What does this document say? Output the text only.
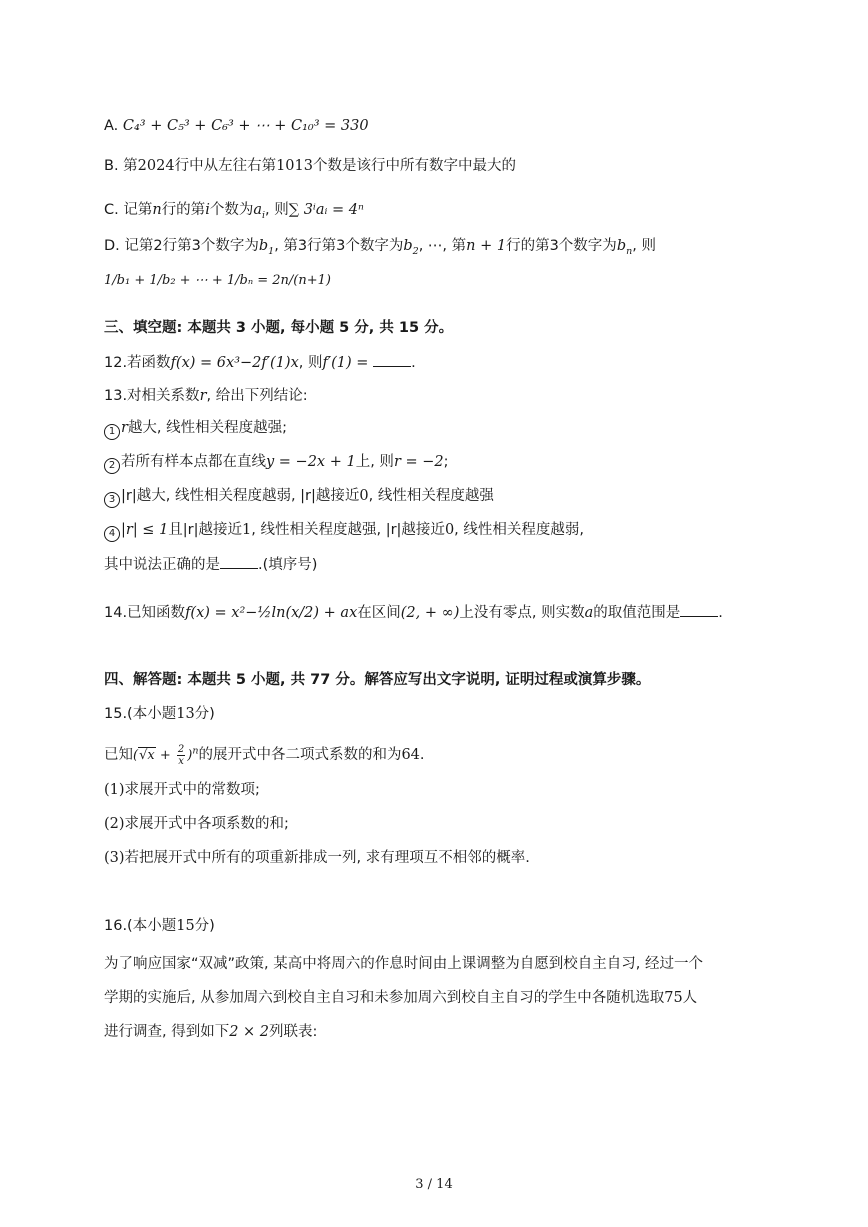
A. C₄³ + C₅³ + C₆³ + ⋯ + C₁₀³ = 330
B. 第2024行中从左往右第1013个数是该行中所有数字中最大的
C. 记第n行的第i个数为$a_i$, 则∑ 3ⁱaᵢ = 4ⁿ
D. 记第2行第3个数字为$b_1$, 第3行第3个数字为$b_2$, ⋯, 第n + 1行的第3个数字为$b_n$, 则
1/b₁ + 1/b₂ + ⋯ + 1/bₙ = 2n/(n+1)
三、填空题: 本题共 3 小题, 每小题 5 分, 共 15 分。
12.若函数f(x) = 6x³−2f′(1)x, 则f′(1) =	.
13.对相关系数r, 给出下列结论:
1 r越大, 线性相关程度越强;
2 若所有样本点都在直线y = −2x + 1上, 则r = −2;
3 |r|越大, 线性相关程度越弱, |r|越接近0, 线性相关程度越强
4 |r| ≤ 1且|r|越接近1, 线性相关程度越强, |r|越接近0, 线性相关程度越弱,
其中说法正确的是	.(填序号)
14.已知函数f(x) = x²−½ln(x/2) + ax在区间(2, + ∞)上没有零点, 则实数a的取值范围是	.
四、解答题: 本题共 5 小题, 共 77 分。解答应写出文字说明, 证明过程或演算步骤。
15.(本小题13分)
已知$(√x + \frac{2}{x} )^n$的展开式中各二项式系数的和为64.
(1)求展开式中的常数项;
(2)求展开式中各项系数的和;
(3)若把展开式中所有的项重新排成一列, 求有理项互不相邻的概率.
16.(本小题15分)
为了响应国家“双减”政策, 某高中将周六的作息时间由上课调整为自愿到校自主自习, 经过一个
学期的实施后, 从参加周六到校自主自习和未参加周六到校自主自习的学生中各随机选取75人
进行调查, 得到如下2 × 2列联表:
3 / 14
